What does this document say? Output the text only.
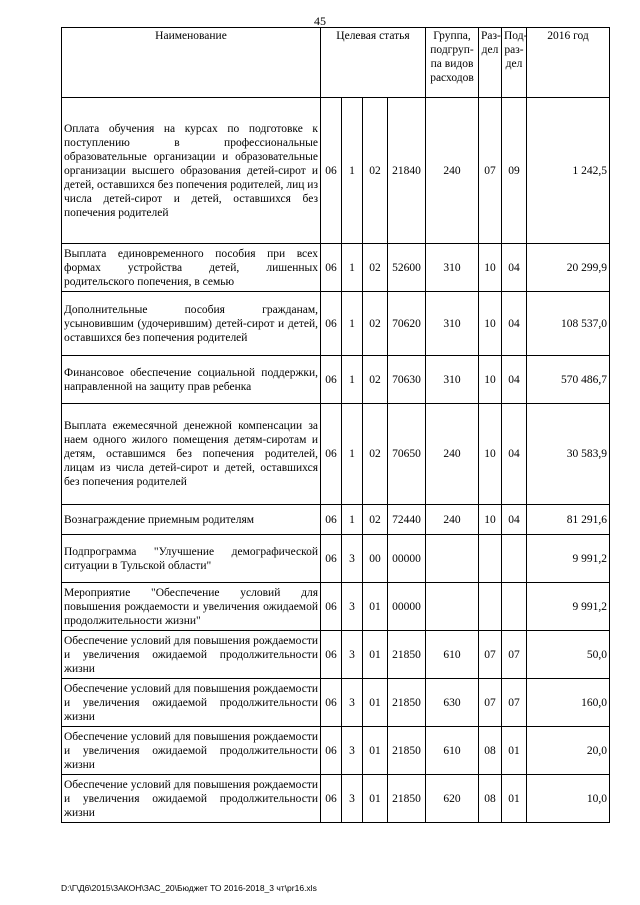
45
Наименование	Целевая статья				Группа, подгруп-па видов расходов	Раз-дел	Под-раз-дел	2016 год
Оплата обучения на курсах по подготовке к поступлению в профессиональные образовательные организации и образовательные организации высшего образования детей-сирот и детей, оставшихся без попечения родителей, лиц из числа детей-сирот и детей, оставшихся без попечения родителей	06	1	02	21840	240	07	09	1 242,5
Выплата единовременного пособия при всех формах устройства детей, лишенных родительского попечения, в семью	06	1	02	52600	310	10	04	20 299,9
Дополнительные пособия гражданам, усыновившим (удочерившим) детей-сирот и детей, оставшихся без попечения родителей	06	1	02	70620	310	10	04	108 537,0
Финансовое обеспечение социальной поддержки, направленной на защиту прав ребенка	06	1	02	70630	310	10	04	570 486,7
Выплата ежемесячной денежной компенсации за наем одного жилого помещения детям-сиротам и детям, оставшимся без попечения родителей, лицам из числа детей-сирот и детей, оставшихся без попечения родителей	06	1	02	70650	240	10	04	30 583,9
Вознаграждение приемным родителям	06	1	02	72440	240	10	04	81 291,6
Подпрограмма "Улучшение демографической ситуации в Тульской области"	06	3	00	00000				9 991,2
Мероприятие "Обеспечение условий для повышения рождаемости и увеличения ожидаемой продолжительности жизни"	06	3	01	00000				9 991,2
Обеспечение условий для повышения рождаемости и увеличения ожидаемой продолжительности жизни	06	3	01	21850	610	07	07	50,0
Обеспечение условий для повышения рождаемости и увеличения ожидаемой продолжительности жизни	06	3	01	21850	630	07	07	160,0
Обеспечение условий для повышения рождаемости и увеличения ожидаемой продолжительности жизни	06	3	01	21850	610	08	01	20,0
Обеспечение условий для повышения рождаемости и увеличения ожидаемой продолжительности жизни	06	3	01	21850	620	08	01	10,0
D:\Г\Д6\2015\ЗАКОН\ЗАС_20\Бюджет ТО 2016-2018_3 чт\pr16.xls
